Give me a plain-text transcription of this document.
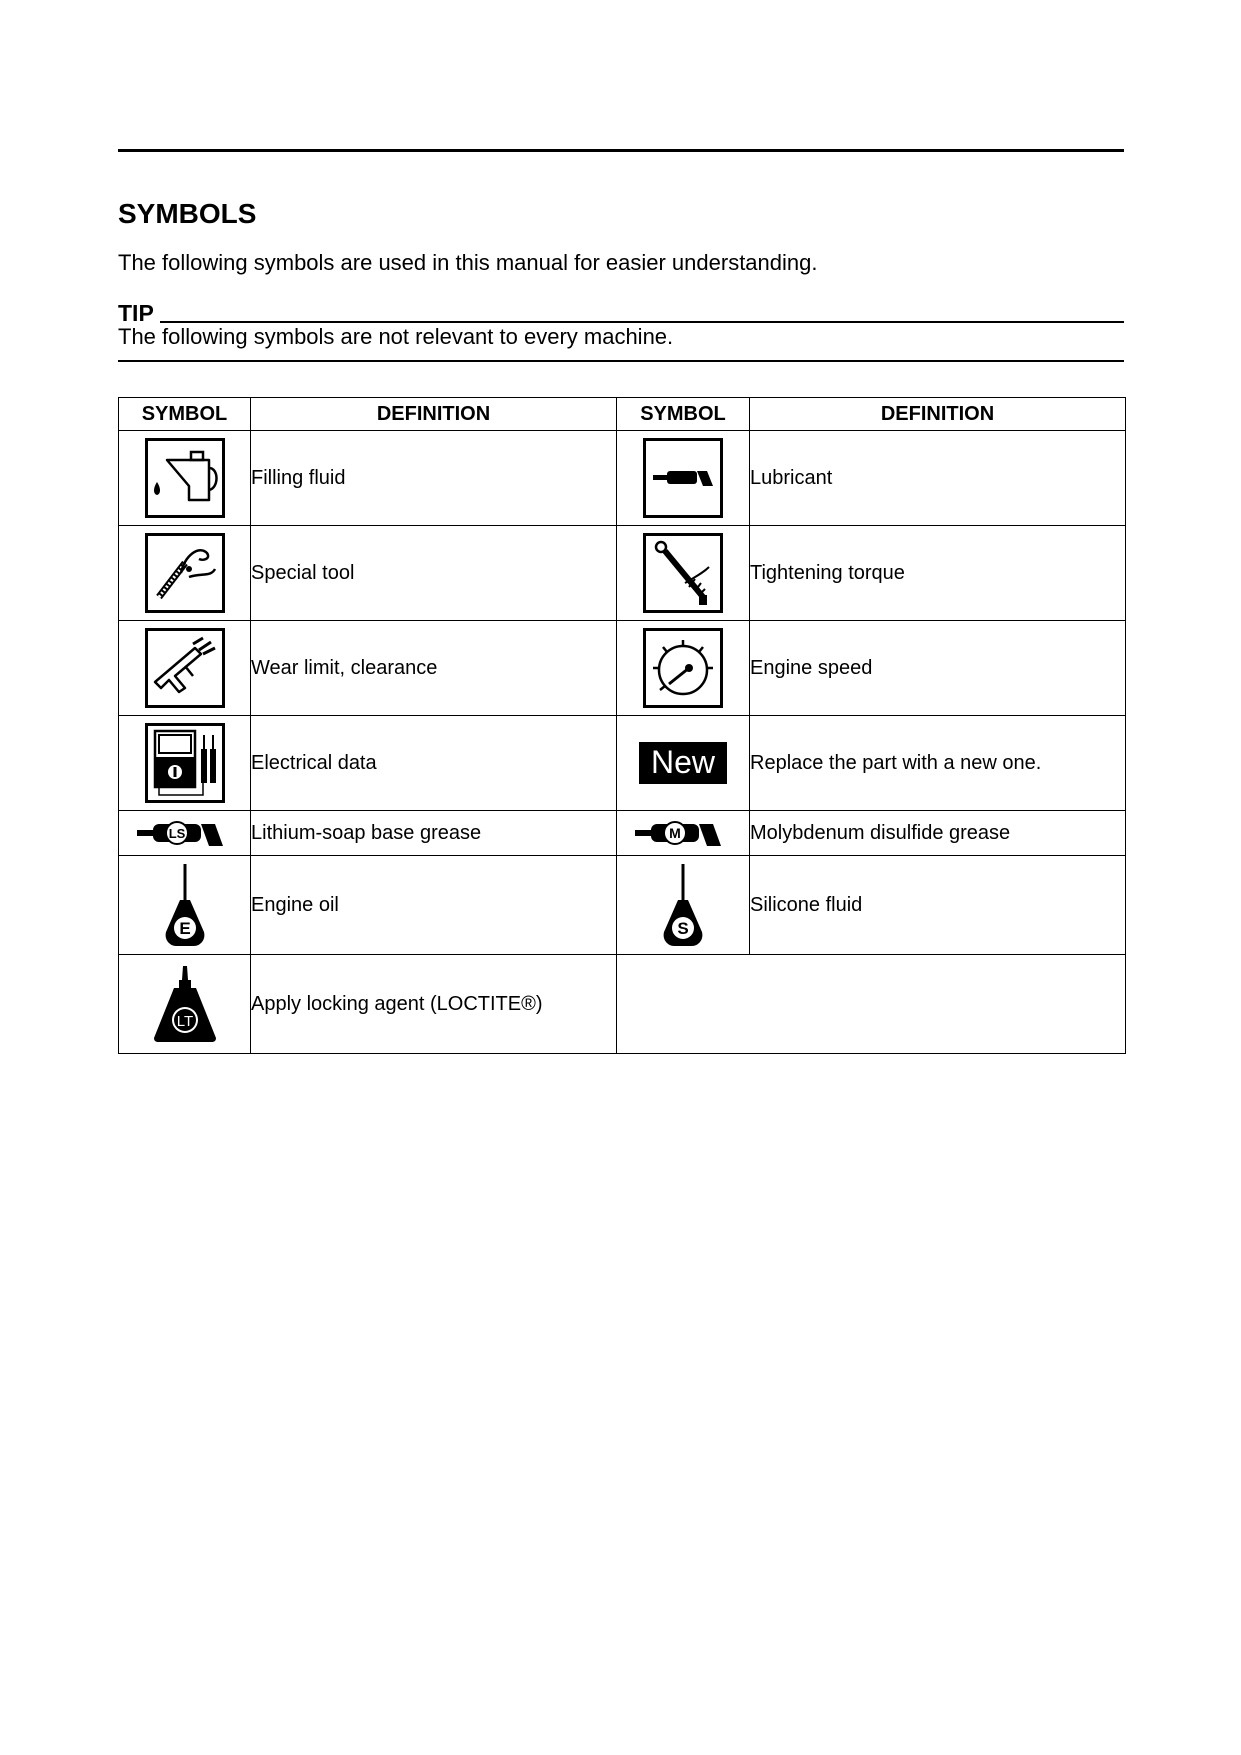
SYMBOLS

The following symbols are used in this manual for easier understanding.

TIP

The following symbols are not relevant to every machine.

SYMBOL	DEFINITION	SYMBOL	DEFINITION
	Filling fluid		Lubricant
	Special tool		Tightening torque
	Wear limit, clearance		Engine speed
	Electrical data	New	Replace the part with a new one.

LS	Lithium-soap base grease	M	Molybdenum disulfide grease

E	Engine oil	S	Silicone fluid

LT	Apply locking agent (LOCTITE®)		
